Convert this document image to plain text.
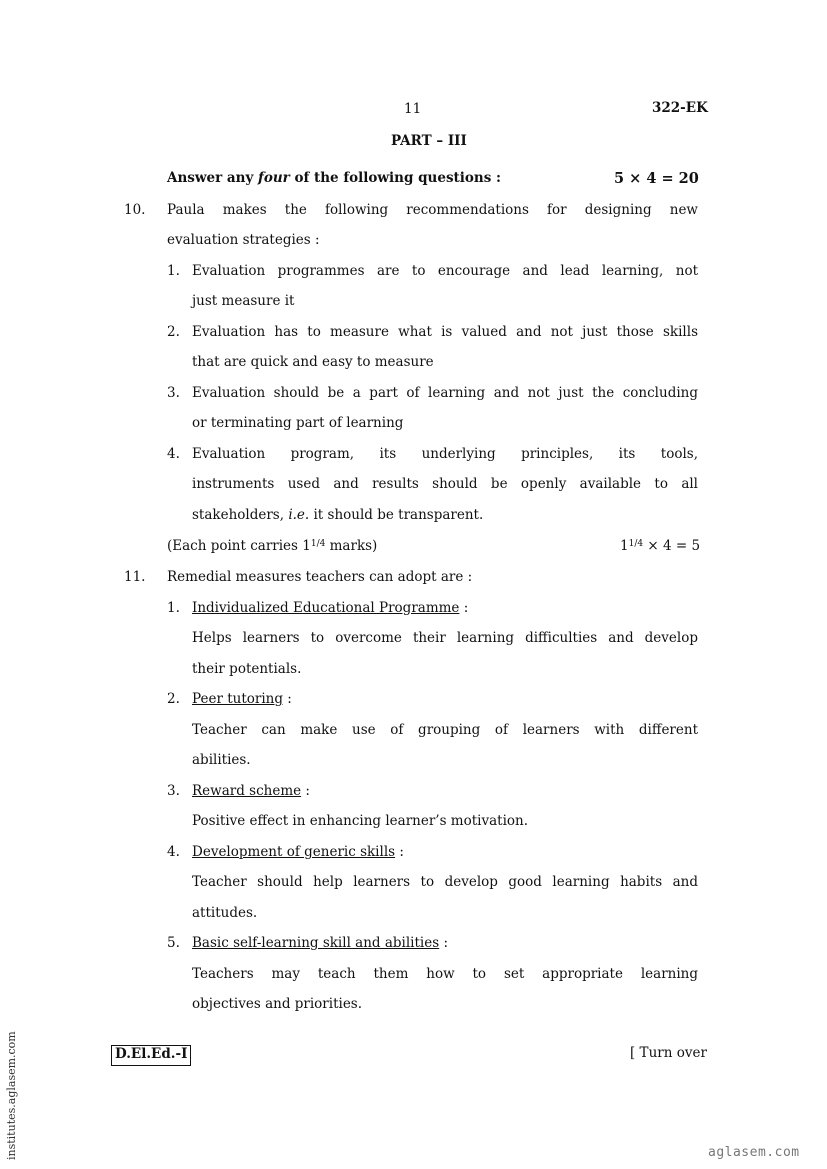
11	322-EK
PART – III
Answer any four of the following questions :	5 × 4 = 20
10. Paula makes the following recommendations for designing new
evaluation strategies :
1. Evaluation programmes are to encourage and lead learning, not
just measure it
2. Evaluation has to measure what is valued and not just those skills
that are quick and easy to measure
3. Evaluation should be a part of learning and not just the concluding
or terminating part of learning
4. Evaluation program, its underlying principles, its tools,
instruments used and results should be openly available to all
stakeholders, i.e. it should be transparent.
(Each point carries $1^{1/4}$ marks)	$1^{1/4} \times 4 = 5$
11. Remedial measures teachers can adopt are :
1. Individualized Educational Programme :
Helps learners to overcome their learning difficulties and develop
their potentials.
2. Peer tutoring :
Teacher can make use of grouping of learners with different
abilities.
3. Reward scheme :
Positive effect in enhancing learner’s motivation.
4. Development of generic skills :
Teacher should help learners to develop good learning habits and
attitudes.
5. Basic self-learning skill and abilities :
Teachers may teach them how to set appropriate learning
objectives and priorities.
D.El.Ed.-I	[ Turn over
institutes.aglasem.com	aglasem.com
